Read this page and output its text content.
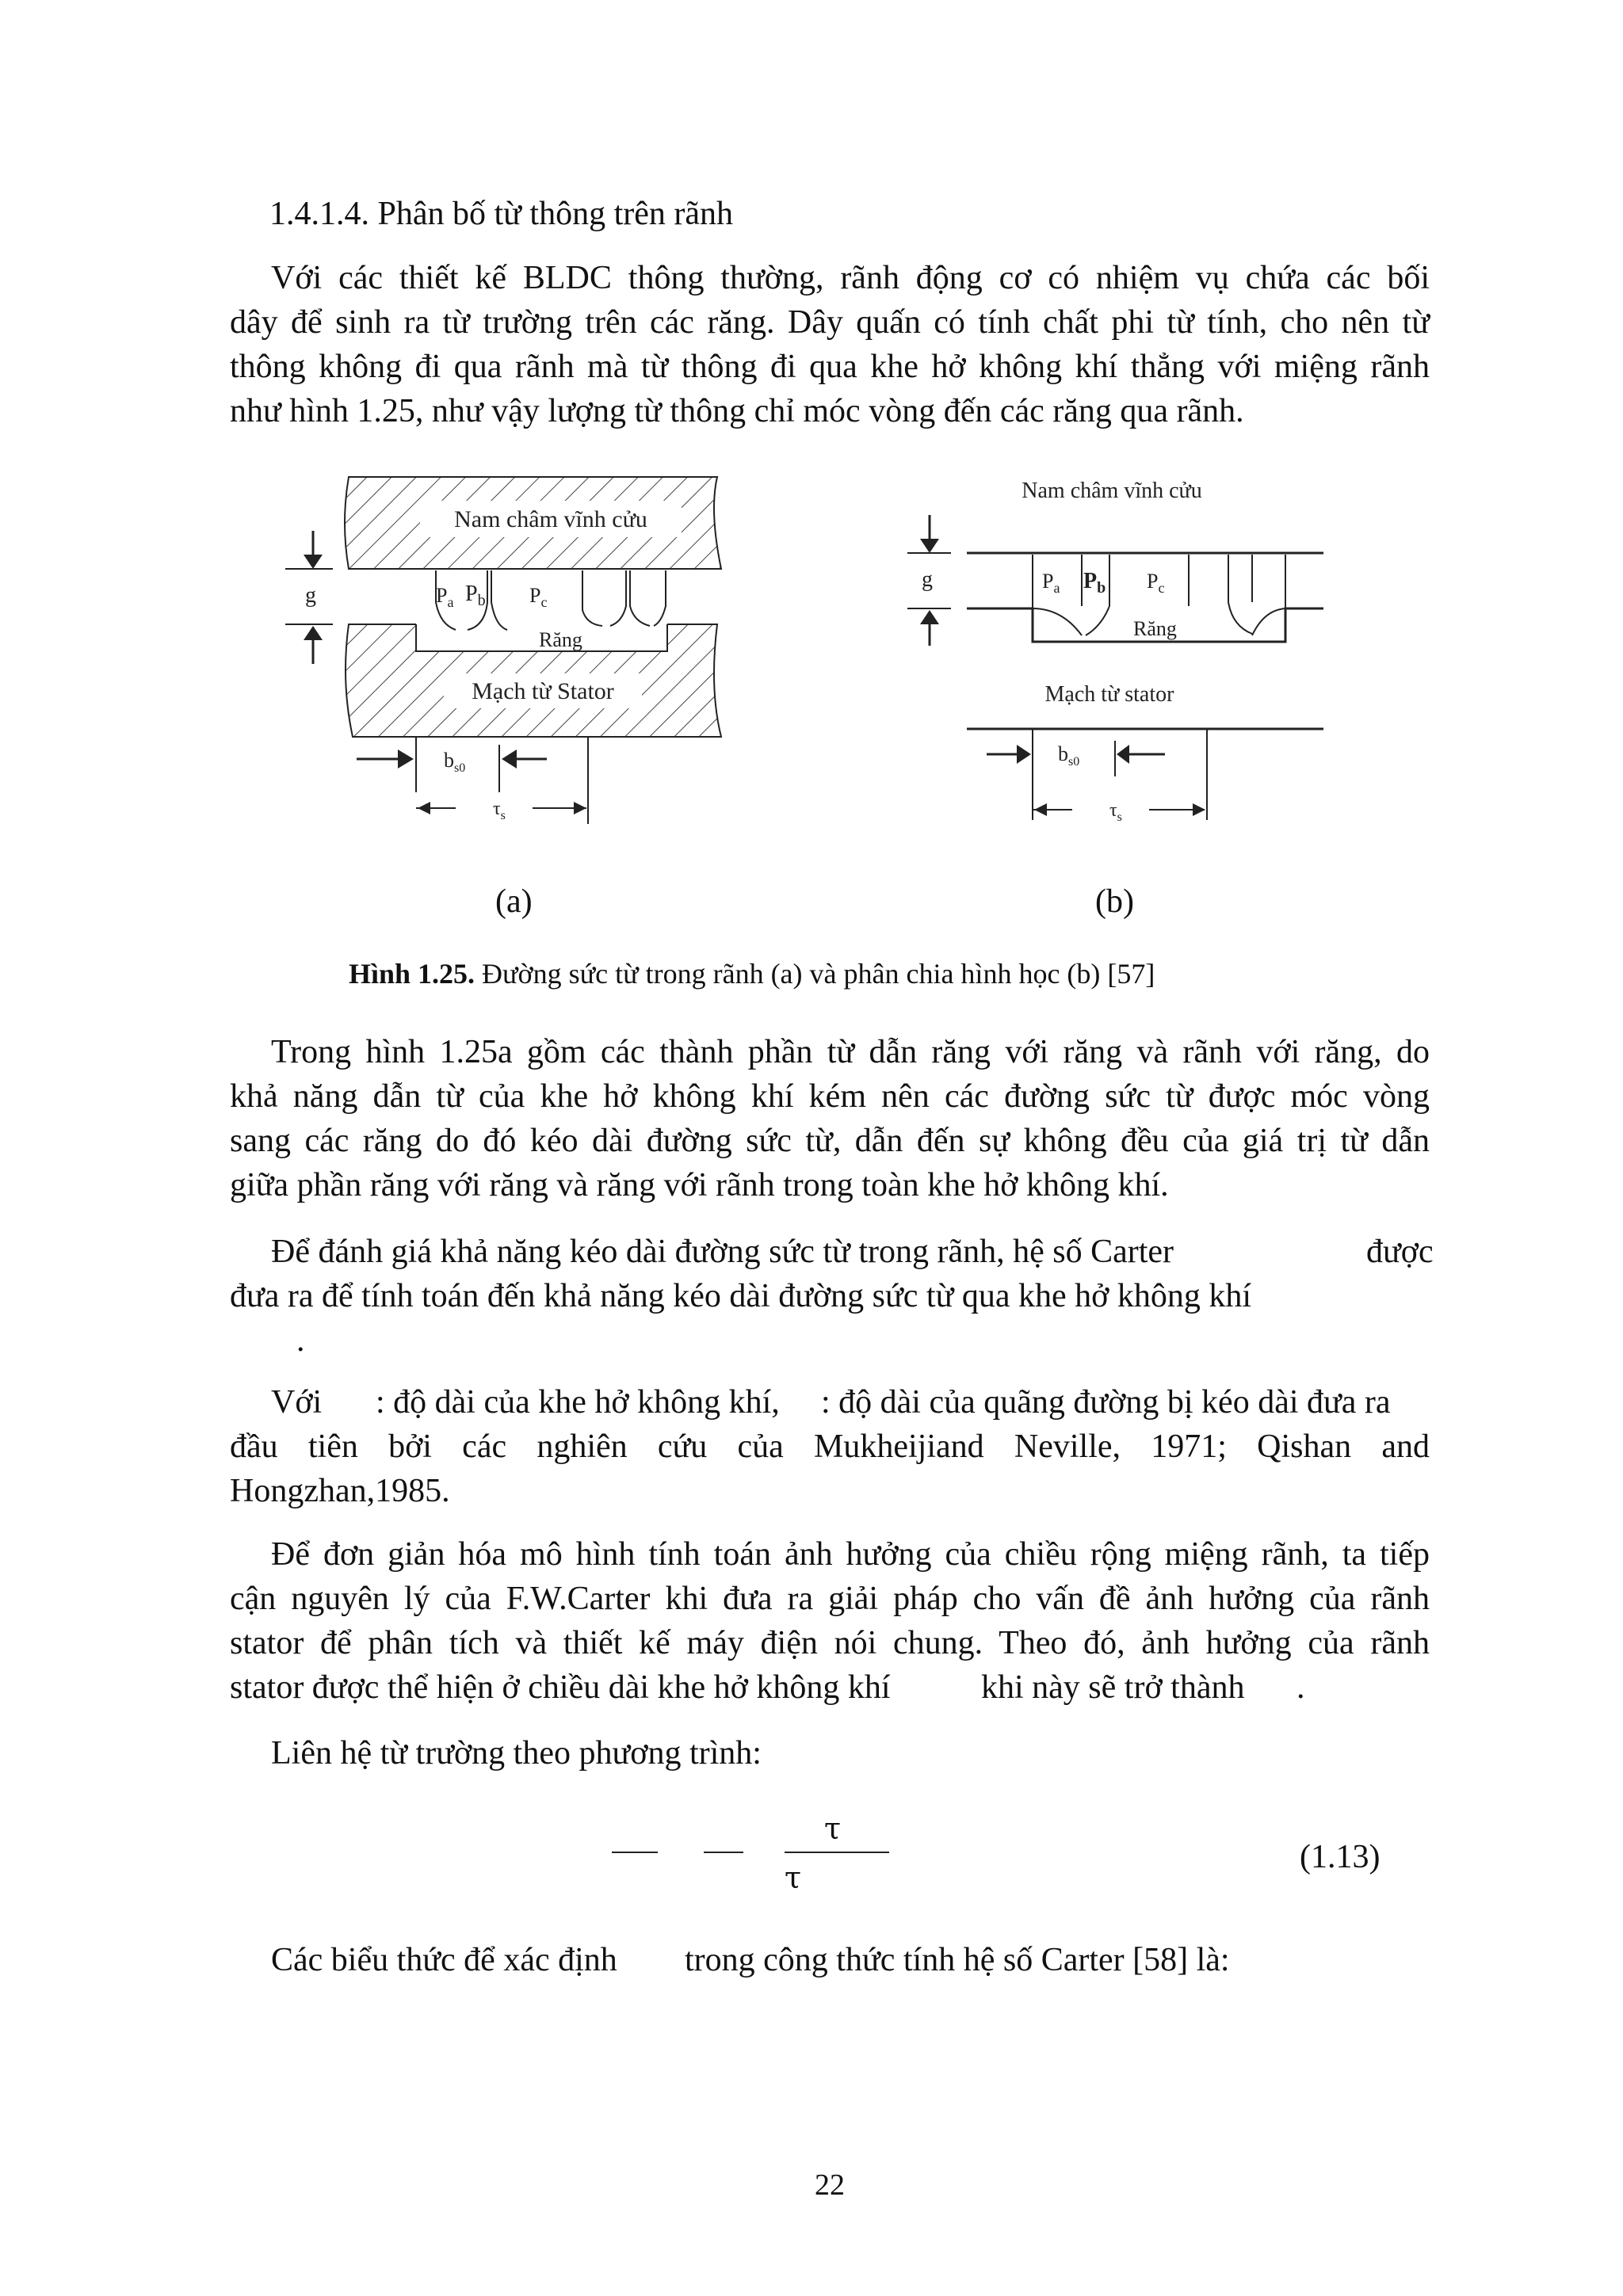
1.4.1.4. Phân bố từ thông trên rãnh
Với các thiết kế BLDC thông thường, rãnh động cơ có nhiệm vụ chứa các bối
dây để sinh ra từ trường trên các răng. Dây quấn có tính chất phi từ tính, cho nên từ
thông không đi qua rãnh mà từ thông đi qua khe hở không khí thẳng với miệng rãnh
như hình 1.25, như vậy lượng từ thông chỉ móc vòng đến các răng qua rãnh.
Nam châm vĩnh cửu
Mạch từ Stator
$P_a$ $P_b$ $P_c$
Răng
g
$b_{s0}$
$\tau_s$
Nam châm vĩnh cửu
$P_a$ $P_b$ $P_c$
Răng
Mạch từ stator
g
$b_{s0}$
$\tau_s$
(a)	(b)
Hình 1.25. Đường sức từ trong rãnh (a) và phân chia hình học (b) [57]
Trong hình 1.25a gồm các thành phần từ dẫn răng với răng và rãnh với răng, do
khả năng dẫn từ của khe hở không khí kém nên các đường sức từ được móc vòng
sang các răng do đó kéo dài đường sức từ, dẫn đến sự không đều của giá trị từ dẫn
giữa phần răng với răng và răng với rãnh trong toàn khe hở không khí.
Để đánh giá khả năng kéo dài đường sức từ trong rãnh, hệ số Carter	được
đưa ra để tính toán đến khả năng kéo dài đường sức từ qua khe hở không khí
.
Với : độ dài của khe hở không khí, : độ dài của quãng đường bị kéo dài đưa ra
đầu tiên bởi các nghiên cứu của Mukheijiand Neville, 1971; Qishan and
Hongzhan,1985.
Để đơn giản hóa mô hình tính toán ảnh hưởng của chiều rộng miệng rãnh, ta tiếp
cận nguyên lý của F.W.Carter khi đưa ra giải pháp cho vấn đề ảnh hưởng của rãnh
stator để phân tích và thiết kế máy điện nói chung. Theo đó, ảnh hưởng của rãnh
stator được thể hiện ở chiều dài khe hở không khí	khi này sẽ trở thành .
Liên hệ từ trường theo phương trình:
τ
τ
(1.13)
Các biểu thức để xác định trong công thức tính hệ số Carter [58] là:
22
